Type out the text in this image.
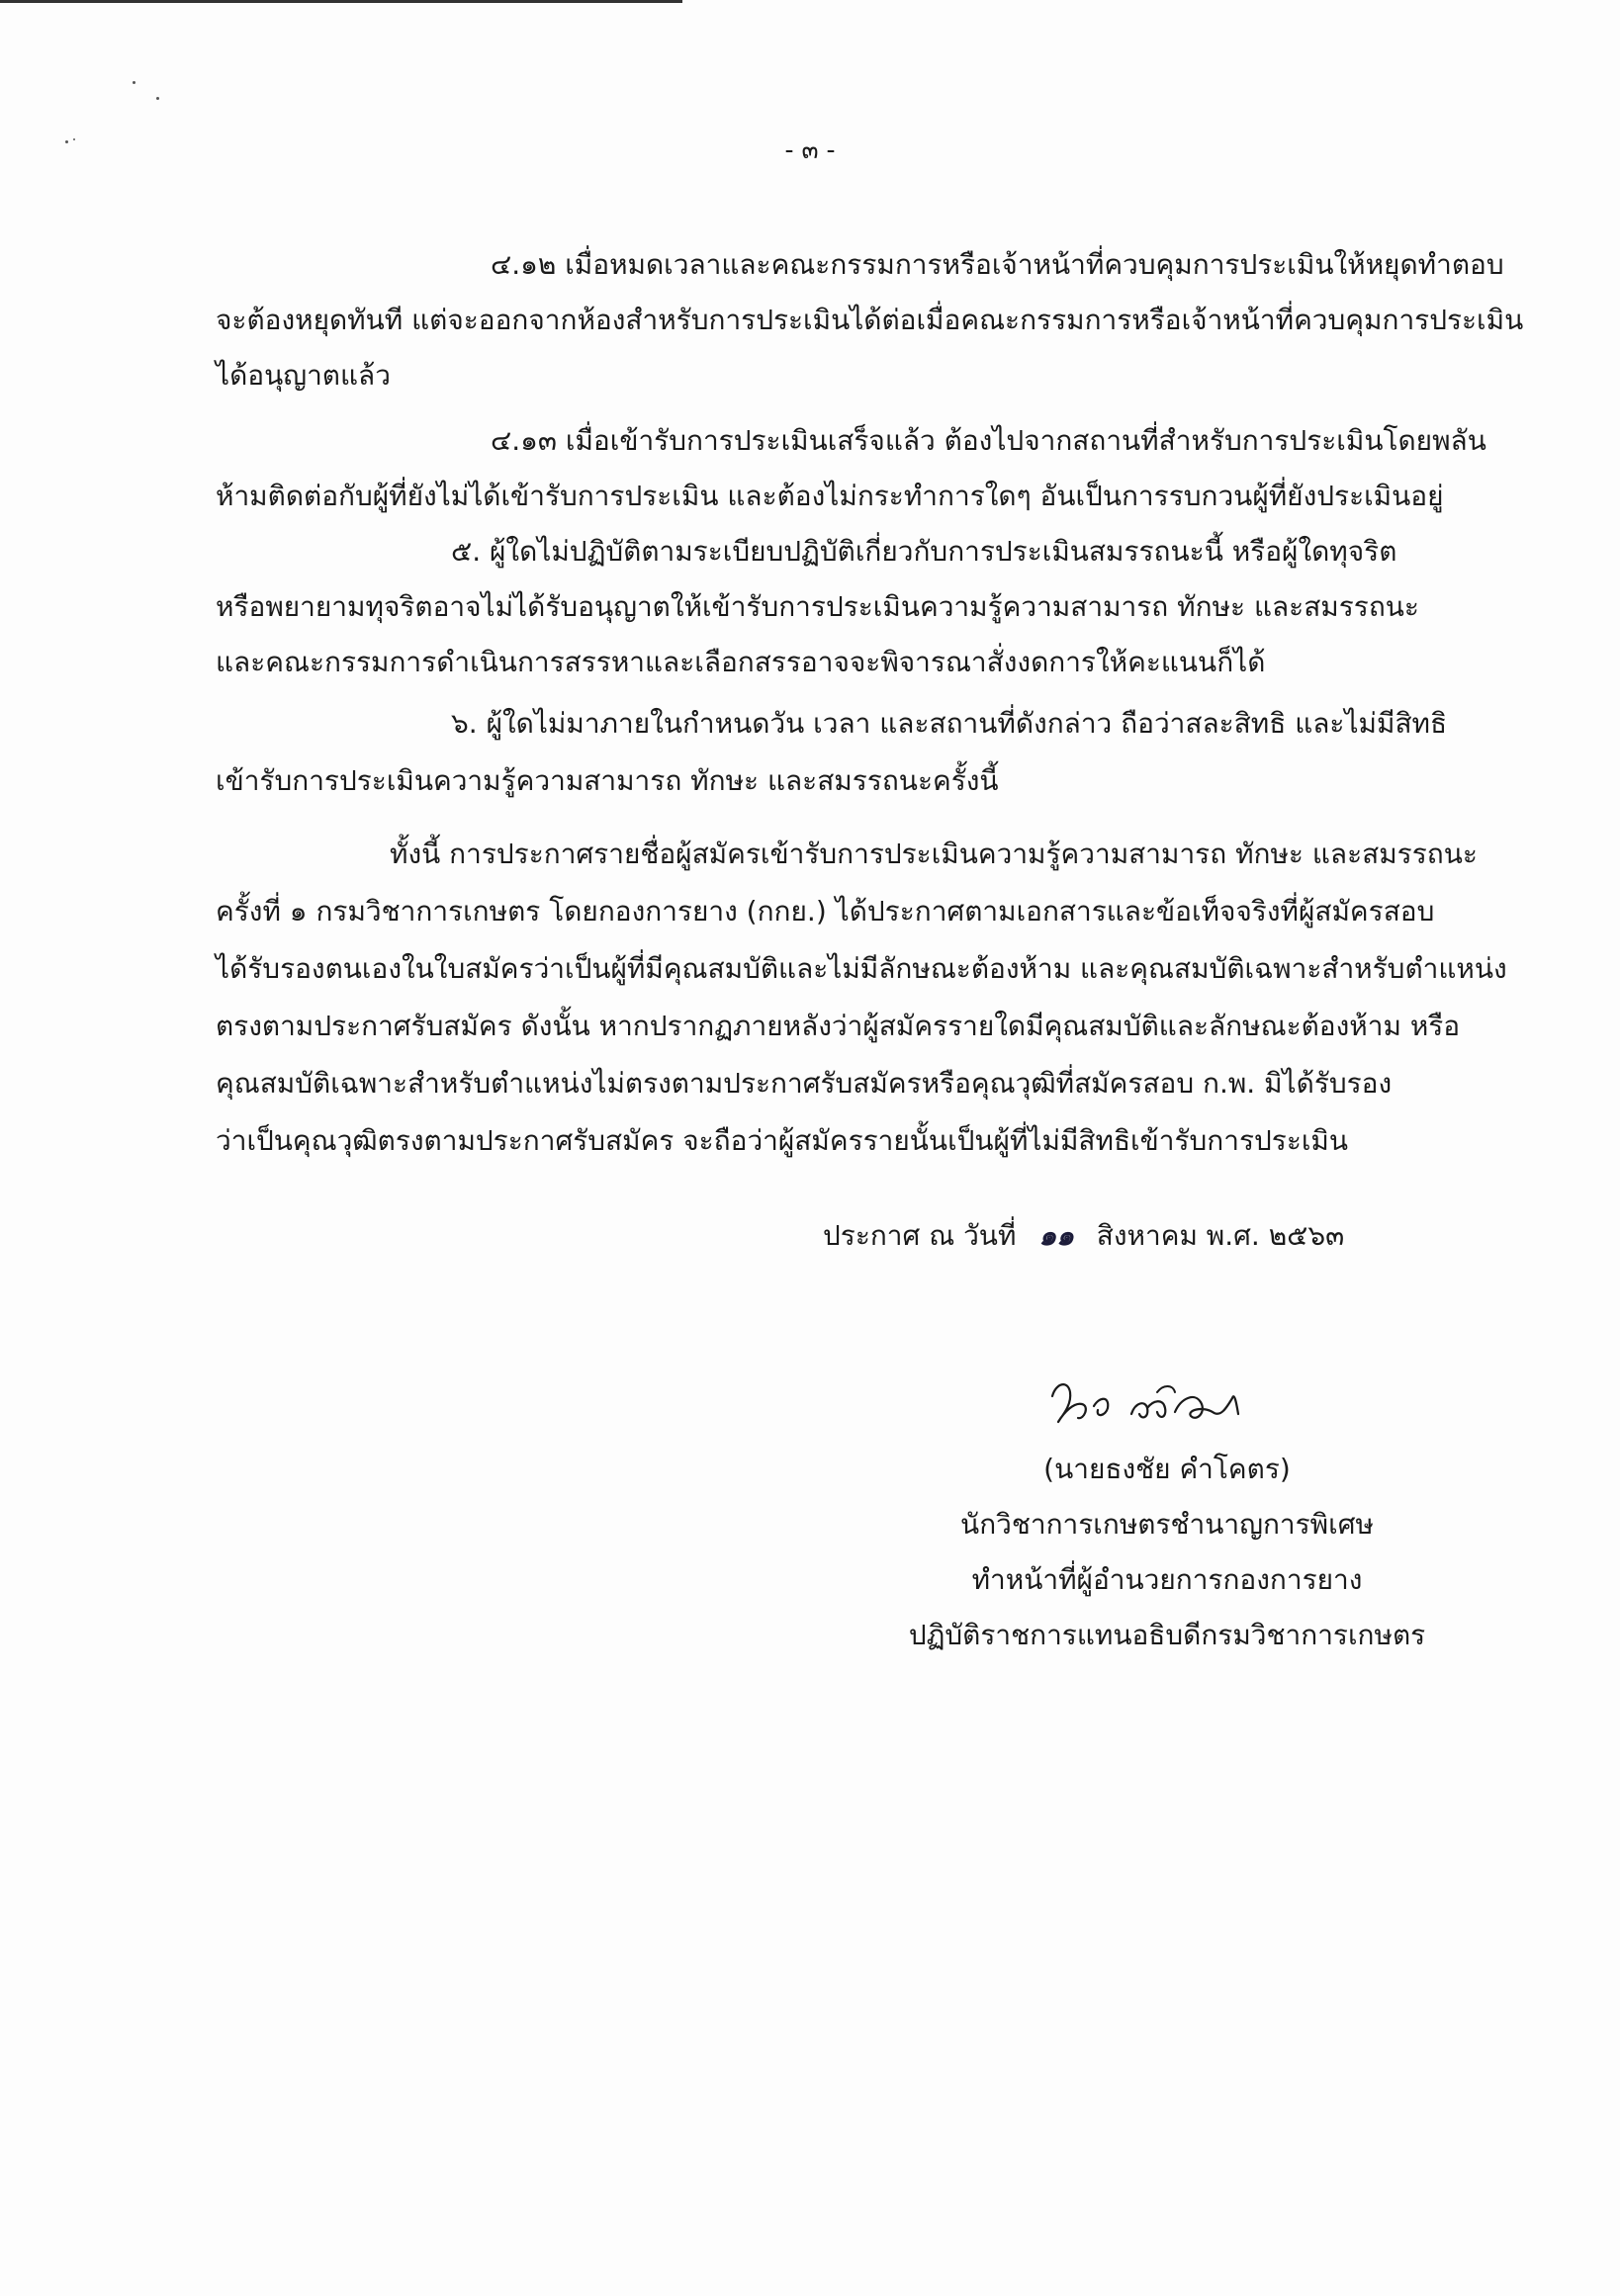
- ๓ -
๔.๑๒ เมื่อหมดเวลาและคณะกรรมการหรือเจ้าหน้าที่ควบคุมการประเมินให้หยุดทำตอบ
จะต้องหยุดทันที แต่จะออกจากห้องสำหรับการประเมินได้ต่อเมื่อคณะกรรมการหรือเจ้าหน้าที่ควบคุมการประเมิน
ได้อนุญาตแล้ว
๔.๑๓ เมื่อเข้ารับการประเมินเสร็จแล้ว ต้องไปจากสถานที่สำหรับการประเมินโดยพลัน
ห้ามติดต่อกับผู้ที่ยังไม่ได้เข้ารับการประเมิน และต้องไม่กระทำการใดๆ อันเป็นการรบกวนผู้ที่ยังประเมินอยู่
๕. ผู้ใดไม่ปฏิบัติตามระเบียบปฏิบัติเกี่ยวกับการประเมินสมรรถนะนี้ หรือผู้ใดทุจริต
หรือพยายามทุจริตอาจไม่ได้รับอนุญาตให้เข้ารับการประเมินความรู้ความสามารถ ทักษะ และสมรรถนะ
และคณะกรรมการดำเนินการสรรหาและเลือกสรรอาจจะพิจารณาสั่งงดการให้คะแนนก็ได้
๖. ผู้ใดไม่มาภายในกำหนดวัน เวลา และสถานที่ดังกล่าว ถือว่าสละสิทธิ และไม่มีสิทธิ
เข้ารับการประเมินความรู้ความสามารถ ทักษะ และสมรรถนะครั้งนี้
ทั้งนี้ การประกาศรายชื่อผู้สมัครเข้ารับการประเมินความรู้ความสามารถ ทักษะ และสมรรถนะ
ครั้งที่ ๑ กรมวิชาการเกษตร โดยกองการยาง (กกย.) ได้ประกาศตามเอกสารและข้อเท็จจริงที่ผู้สมัครสอบ
ได้รับรองตนเองในใบสมัครว่าเป็นผู้ที่มีคุณสมบัติและไม่มีลักษณะต้องห้าม และคุณสมบัติเฉพาะสำหรับตำแหน่ง
ตรงตามประกาศรับสมัคร ดังนั้น หากปรากฏภายหลังว่าผู้สมัครรายใดมีคุณสมบัติและลักษณะต้องห้าม หรือ
คุณสมบัติเฉพาะสำหรับตำแหน่งไม่ตรงตามประกาศรับสมัครหรือคุณวุฒิที่สมัครสอบ ก.พ. มิได้รับรอง
ว่าเป็นคุณวุฒิตรงตามประกาศรับสมัคร จะถือว่าผู้สมัครรายนั้นเป็นผู้ที่ไม่มีสิทธิเข้ารับการประเมิน
ประกาศ ณ วันที่ ๑๑ สิงหาคม พ.ศ. ๒๕๖๓
(นายธงชัย คำโคตร)
นักวิชาการเกษตรชำนาญการพิเศษ
ทำหน้าที่ผู้อำนวยการกองการยาง
ปฏิบัติราชการแทนอธิบดีกรมวิชาการเกษตร
